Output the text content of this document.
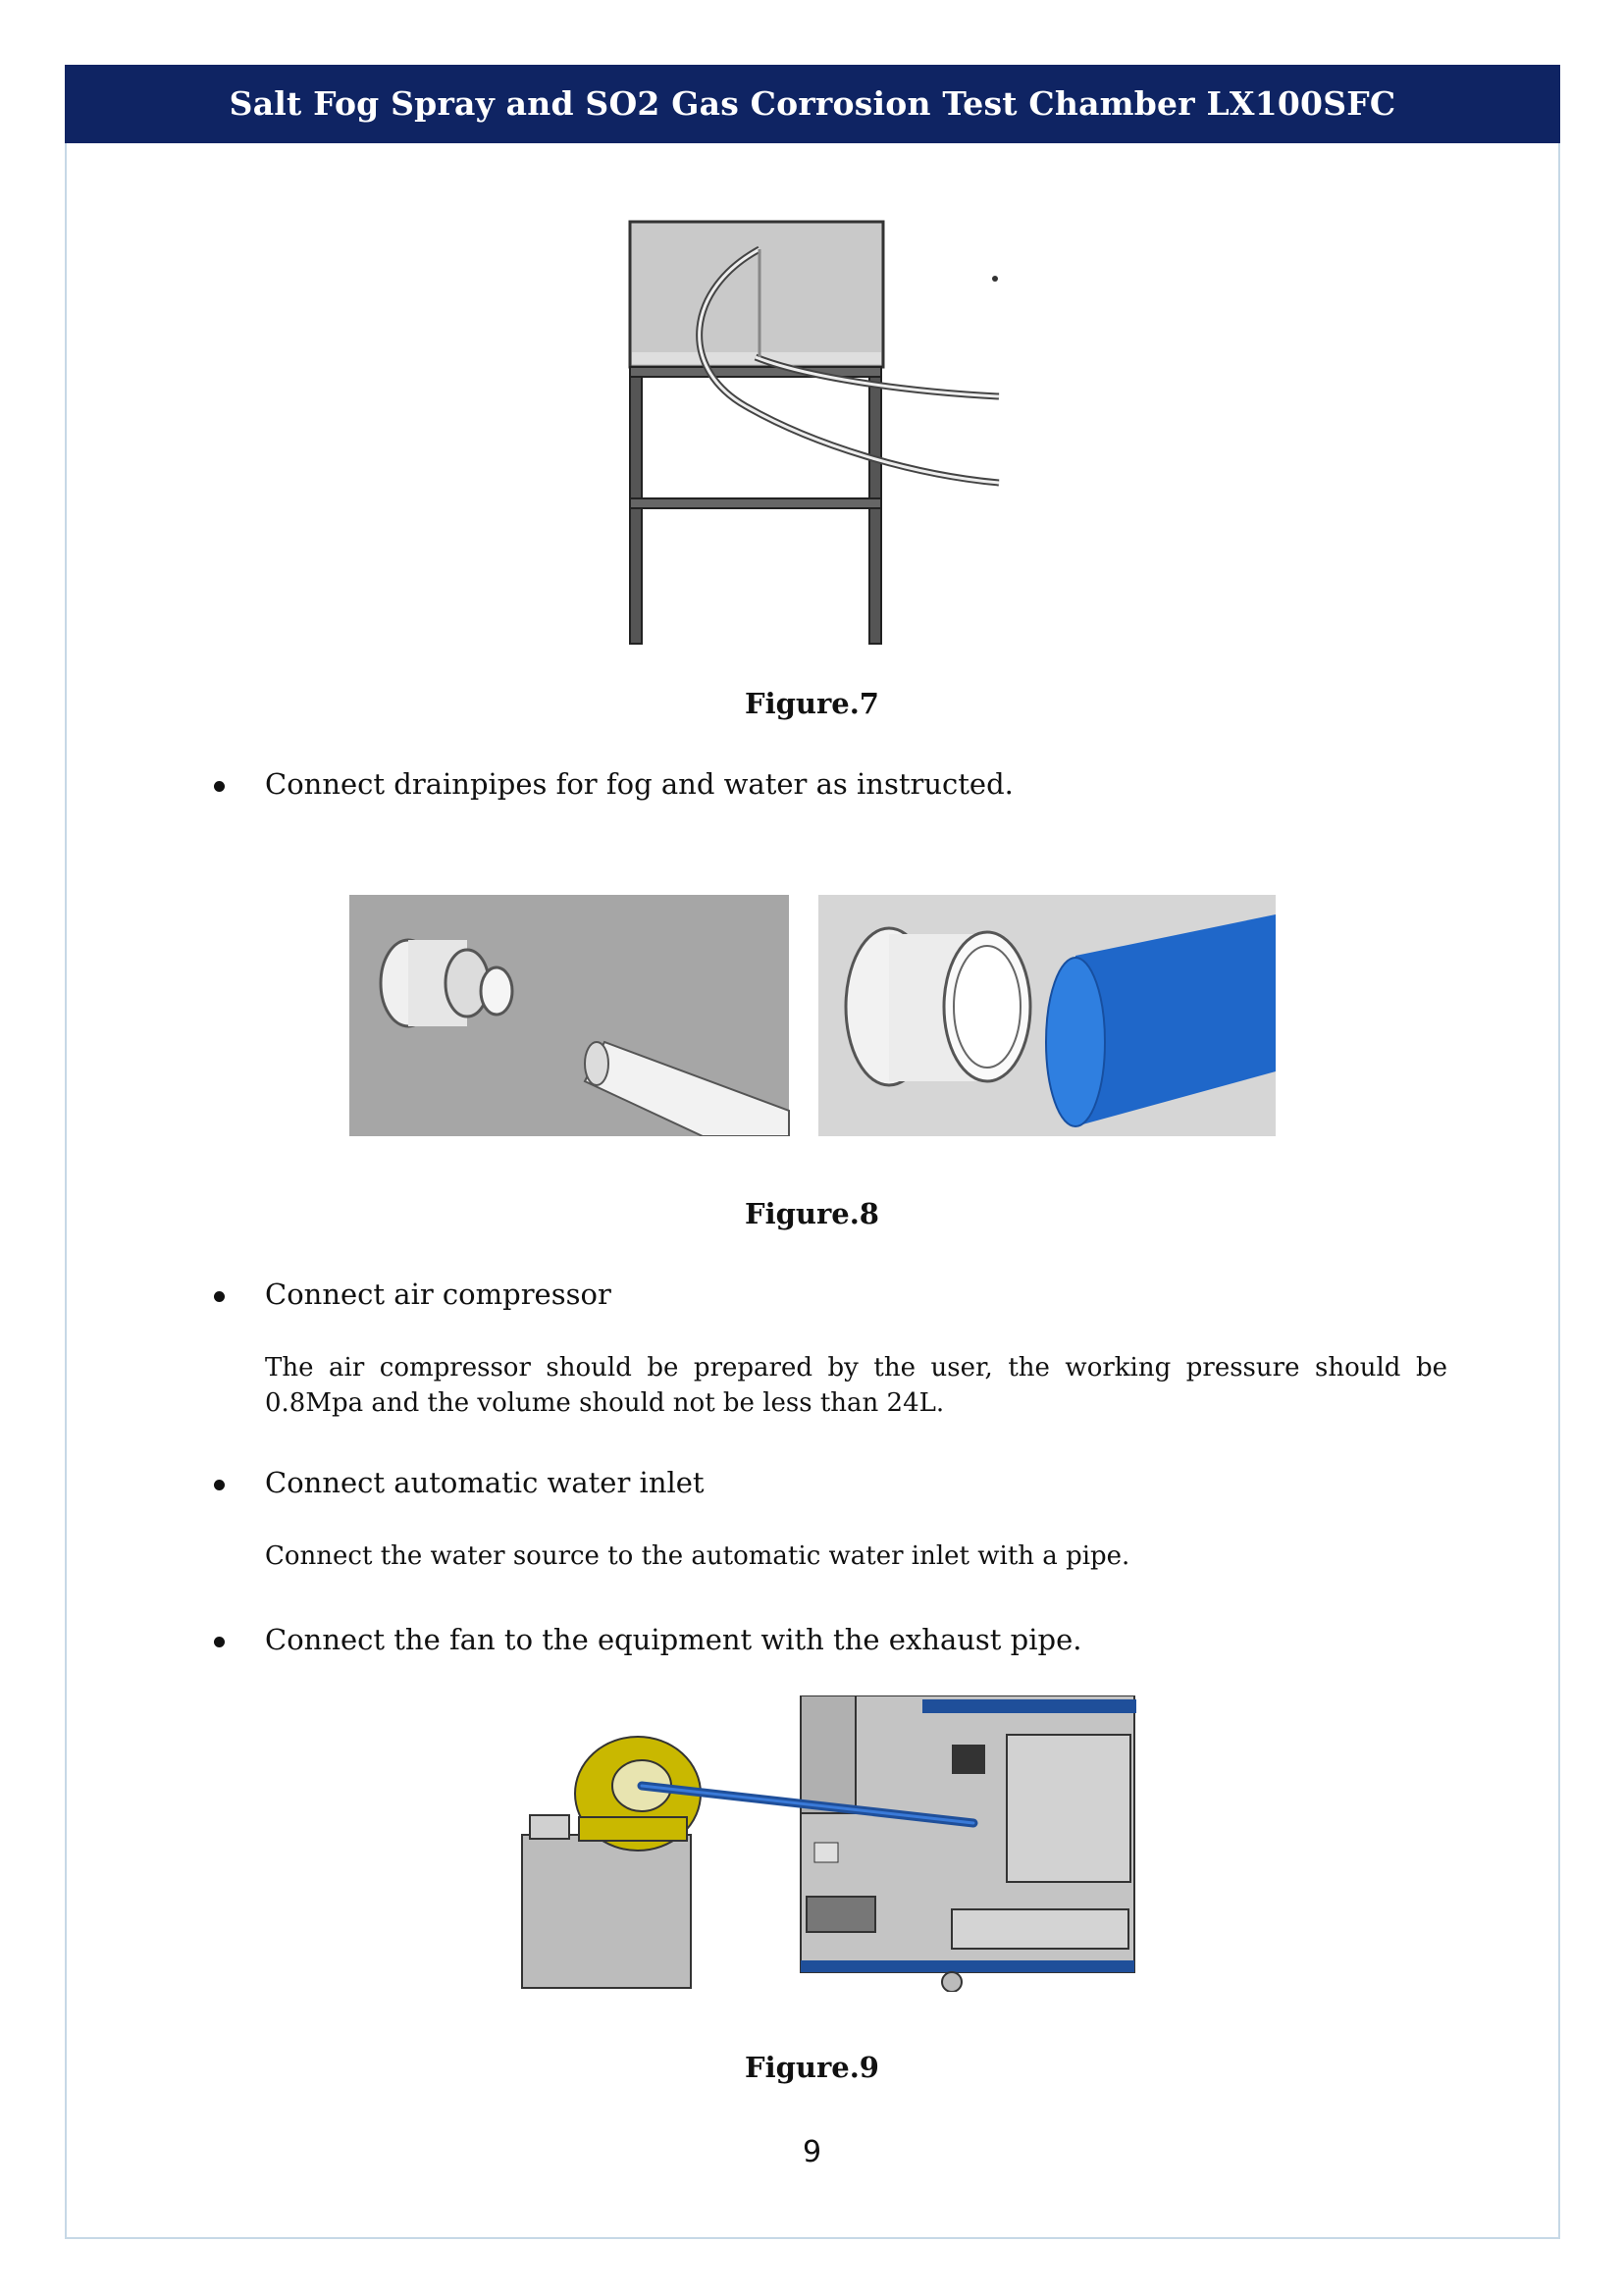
Salt Fog Spray and SO2 Gas Corrosion Test Chamber LX100SFC
Figure.7
Connect drainpipes for fog and water as instructed.
Figure.8
Connect air compressor
The air compressor should be prepared by the user, the working pressure should be 0.8Mpa and the volume should not be less than 24L.
Connect automatic water inlet
Connect the water source to the automatic water inlet with a pipe.
Connect the fan to the equipment with the exhaust pipe.
Figure.9
9
